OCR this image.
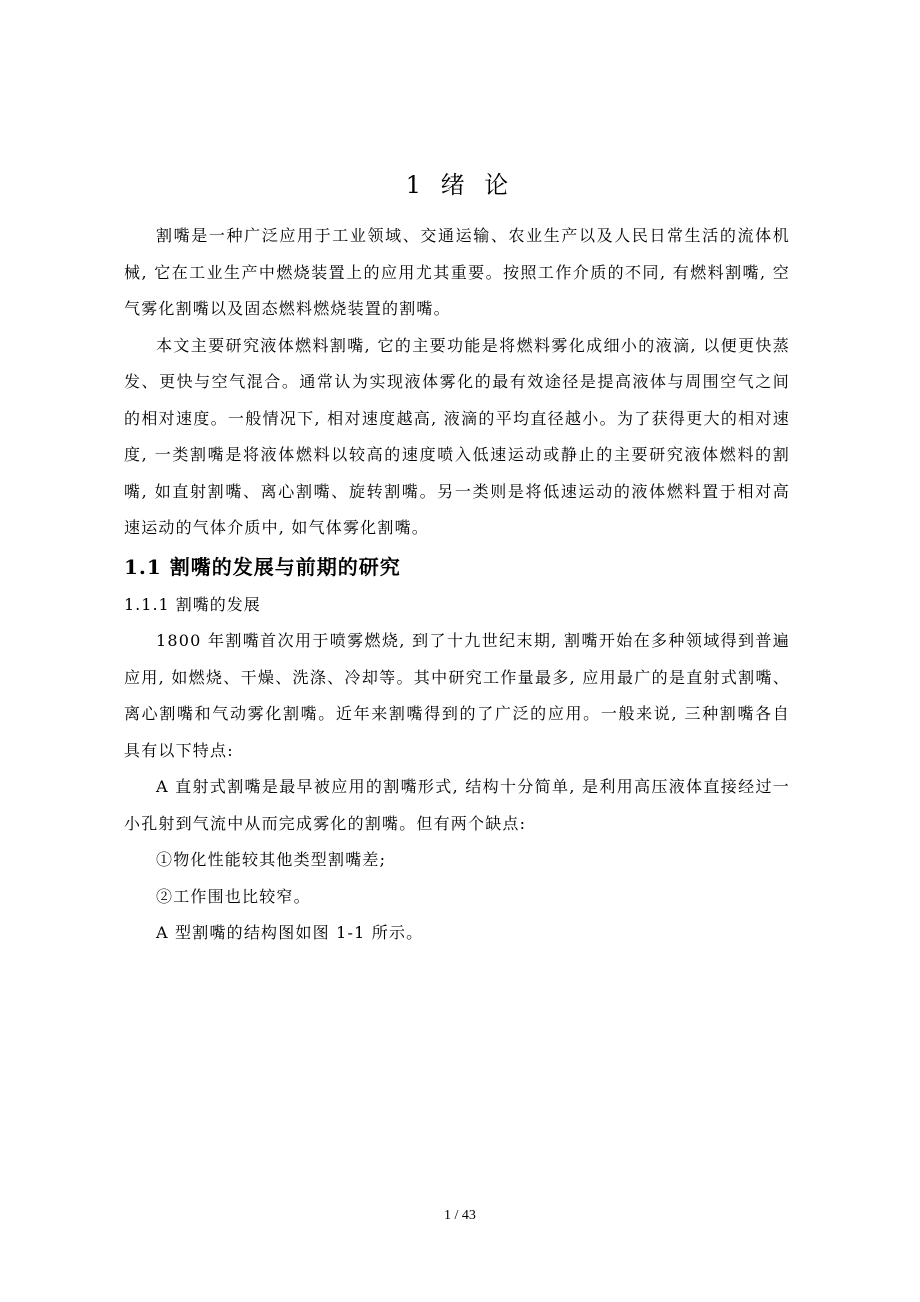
1 绪 论

割嘴是一种广泛应用于工业领域、交通运输、农业生产以及人民日常生活的流体机械, 它在工业生产中燃烧装置上的应用尤其重要。按照工作介质的不同, 有燃料割嘴, 空气雾化割嘴以及固态燃料燃烧装置的割嘴。

本文主要研究液体燃料割嘴, 它的主要功能是将燃料雾化成细小的液滴, 以便更快蒸发、更快与空气混合。通常认为实现液体雾化的最有效途径是提高液体与周围空气之间的相对速度。一般情况下, 相对速度越高, 液滴的平均直径越小。为了获得更大的相对速度, 一类割嘴是将液体燃料以较高的速度喷入低速运动或静止的主要研究液体燃料的割嘴, 如直射割嘴、离心割嘴、旋转割嘴。另一类则是将低速运动的液体燃料置于相对高速运动的气体介质中, 如气体雾化割嘴。

1.1 割嘴的发展与前期的研究

1.1.1 割嘴的发展

1800 年割嘴首次用于喷雾燃烧, 到了十九世纪末期, 割嘴开始在多种领域得到普遍应用, 如燃烧、干燥、洗涤、冷却等。其中研究工作量最多, 应用最广的是直射式割嘴、离心割嘴和气动雾化割嘴。近年来割嘴得到的了广泛的应用。一般来说, 三种割嘴各自具有以下特点:

A 直射式割嘴是最早被应用的割嘴形式, 结构十分简单, 是利用高压液体直接经过一小孔射到气流中从而完成雾化的割嘴。但有两个缺点:

①物化性能较其他类型割嘴差;

②工作围也比较窄。

A 型割嘴的结构图如图 1-1 所示。

1 / 43
